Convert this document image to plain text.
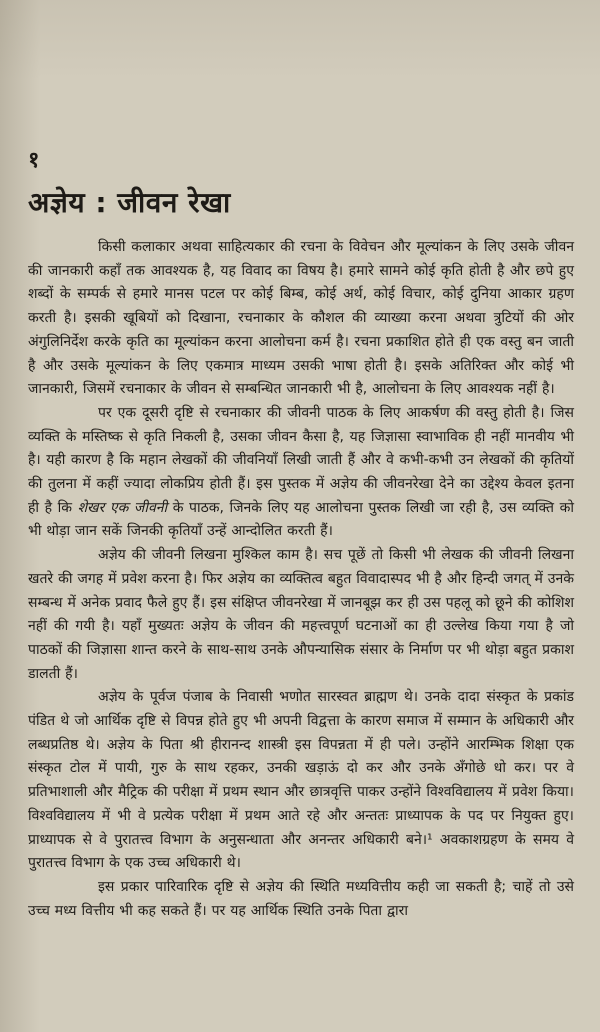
१
अज्ञेय : जीवन रेखा

किसी कलाकार अथवा साहित्यकार की रचना के विवेचन और मूल्यांकन के लिए उसके जीवन की जानकारी कहाँ तक आवश्यक है, यह विवाद का विषय है। हमारे सामने कोई कृति होती है और छपे हुए शब्दों के सम्पर्क से हमारे मानस पटल पर कोई बिम्ब, कोई अर्थ, कोई विचार, कोई दुनिया आकार ग्रहण करती है। इसकी खूबियों को दिखाना, रचनाकार के कौशल की व्याख्या करना अथवा त्रुटियों की ओर अंगुलिनिर्देश करके कृति का मूल्यांकन करना आलोचना कर्म है। रचना प्रकाशित होते ही एक वस्तु बन जाती है और उसके मूल्यांकन के लिए एकमात्र माध्यम उसकी भाषा होती है। इसके अतिरिक्त और कोई भी जानकारी, जिसमें रचनाकार के जीवन से सम्बन्धित जानकारी भी है, आलोचना के लिए आवश्यक नहीं है।

पर एक दूसरी दृष्टि से रचनाकार की जीवनी पाठक के लिए आकर्षण की वस्तु होती है। जिस व्यक्ति के मस्तिष्क से कृति निकली है, उसका जीवन कैसा है, यह जिज्ञासा स्वाभाविक ही नहीं मानवीय भी है। यही कारण है कि महान लेखकों की जीवनियाँ लिखी जाती हैं और वे कभी-कभी उन लेखकों की कृतियों की तुलना में कहीं ज्यादा लोकप्रिय होती हैं। इस पुस्तक में अज्ञेय की जीवनरेखा देने का उद्देश्य केवल इतना ही है कि शेखर एक जीवनी के पाठक, जिनके लिए यह आलोचना पुस्तक लिखी जा रही है, उस व्यक्ति को भी थोड़ा जान सकें जिनकी कृतियाँ उन्हें आन्दोलित करती हैं।

अज्ञेय की जीवनी लिखना मुश्किल काम है। सच पूछें तो किसी भी लेखक की जीवनी लिखना खतरे की जगह में प्रवेश करना है। फिर अज्ञेय का व्यक्तित्व बहुत विवादास्पद भी है और हिन्दी जगत् में उनके सम्बन्ध में अनेक प्रवाद फैले हुए हैं। इस संक्षिप्त जीवनरेखा में जानबूझ कर ही उस पहलू को छूने की कोशिश नहीं की गयी है। यहाँ मुख्यतः अज्ञेय के जीवन की महत्त्वपूर्ण घटनाओं का ही उल्लेख किया गया है जो पाठकों की जिज्ञासा शान्त करने के साथ-साथ उनके औपन्यासिक संसार के निर्माण पर भी थोड़ा बहुत प्रकाश डालती हैं।

अज्ञेय के पूर्वज पंजाब के निवासी भणोत सारस्वत ब्राह्मण थे। उनके दादा संस्कृत के प्रकांड पंडित थे जो आर्थिक दृष्टि से विपन्न होते हुए भी अपनी विद्वत्ता के कारण समाज में सम्मान के अधिकारी और लब्धप्रतिष्ठ थे। अज्ञेय के पिता श्री हीरानन्द शास्त्री इस विपन्नता में ही पले। उन्होंने आरम्भिक शिक्षा एक संस्कृत टोल में पायी, गुरु के साथ रहकर, उनकी खड़ाऊं दो कर और उनके अँगोछे धो कर। पर वे प्रतिभाशाली और मैट्रिक की परीक्षा में प्रथम स्थान और छात्रवृत्ति पाकर उन्होंने विश्वविद्यालय में प्रवेश किया। विश्वविद्यालय में भी वे प्रत्येक परीक्षा में प्रथम आते रहे और अन्ततः प्राध्यापक के पद पर नियुक्त हुए। प्राध्यापक से वे पुरातत्त्व विभाग के अनुसन्धाता और अनन्तर अधिकारी बने।¹ अवकाशग्रहण के समय वे पुरातत्त्व विभाग के एक उच्च अधिकारी थे।

इस प्रकार पारिवारिक दृष्टि से अज्ञेय की स्थिति मध्यवित्तीय कही जा सकती है; चाहें तो उसे उच्च मध्य वित्तीय भी कह सकते हैं। पर यह आर्थिक स्थिति उनके पिता द्वारा
